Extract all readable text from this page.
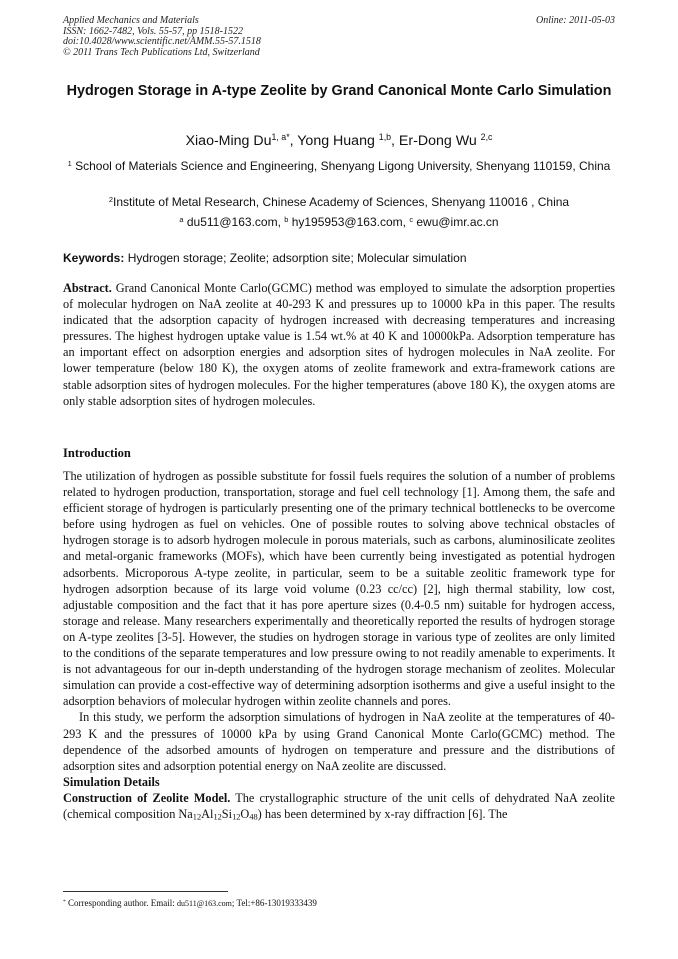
Applied Mechanics and Materials
ISSN: 1662-7482, Vols. 55-57, pp 1518-1522
doi:10.4028/www.scientific.net/AMM.55-57.1518
© 2011 Trans Tech Publications Ltd, Switzerland
Online: 2011-05-03
Hydrogen Storage in A-type Zeolite by Grand Canonical Monte Carlo Simulation
Xiao-Ming $Du^{1, a*}$, Yong Huang $^{1,b}$, Er-Dong Wu $^{2,c}$
$^1$ School of Materials Science and Engineering, Shenyang Ligong University, Shenyang 110159, China
$^2$Institute of Metal Research, Chinese Academy of Sciences, Shenyang 110016 , China
$^a$ du511@163.com, $^b$ hy195953@163.com, $^c$ ewu@imr.ac.cn
Keywords: Hydrogen storage; Zeolite; adsorption site; Molecular simulation
Abstract. Grand Canonical Monte Carlo(GCMC) method was employed to simulate the adsorption properties of molecular hydrogen on NaA zeolite at 40-293 K and pressures up to 10000 kPa in this paper. The results indicated that the adsorption capacity of hydrogen increased with decreasing temperatures and increasing pressures. The highest hydrogen uptake value is 1.54 wt.% at 40 K and 10000kPa. Adsorption temperature has an important effect on adsorption energies and adsorption sites of hydrogen molecules in NaA zeolite. For lower temperature (below 180 K), the oxygen atoms of zeolite framework and extra-framework cations are stable adsorption sites of hydrogen molecules. For the higher temperatures (above 180 K), the oxygen atoms are only stable adsorption sites of hydrogen molecules.
Introduction

The utilization of hydrogen as possible substitute for fossil fuels requires the solution of a number of problems related to hydrogen production, transportation, storage and fuel cell technology [1]. Among them, the safe and efficient storage of hydrogen is particularly presenting one of the primary technical bottlenecks to be overcome before using hydrogen as fuel on vehicles. One of possible routes to solving above technical obstacles of hydrogen storage is to adsorb hydrogen molecule in porous materials, such as carbons, aluminosilicate zeolites and metal-organic frameworks (MOFs), which have been currently being investigated as potential hydrogen adsorbents. Microporous A-type zeolite, in particular, seem to be a suitable zeolitic framework type for hydrogen adsorption because of its large void volume (0.23 cc/cc) [2], high thermal stability, low cost, adjustable composition and the fact that it has pore aperture sizes (0.4-0.5 nm) suitable for hydrogen access, storage and release. Many researchers experimentally and theoretically reported the results of hydrogen storage on A-type zeolites [3-5]. However, the studies on hydrogen storage in various type of zeolites are only limited to the conditions of the separate temperatures and low pressure owing to not readily amenable to experiments. It is not advantageous for our in-depth understanding of the hydrogen storage mechanism of zeolites. Molecular simulation can provide a cost-effective way of determining adsorption isotherms and give a useful insight to the adsorption behaviors of molecular hydrogen within zeolite channels and pores.

In this study, we perform the adsorption simulations of hydrogen in NaA zeolite at the temperatures of 40-293 K and the pressures of 10000 kPa by using Grand Canonical Monte Carlo(GCMC) method. The dependence of the adsorbed amounts of hydrogen on temperature and pressure and the distributions of adsorption sites and adsorption potential energy on NaA zeolite are discussed.

Simulation Details

Construction of Zeolite Model. The crystallographic structure of the unit cells of dehydrated NaA zeolite (chemical composition $Na_{12}Al_{12}Si_{12}O_{48}$) has been determined by x-ray diffraction [6]. The

* Corresponding author. Email: du511@163.com; Tel:+86-13019333439
